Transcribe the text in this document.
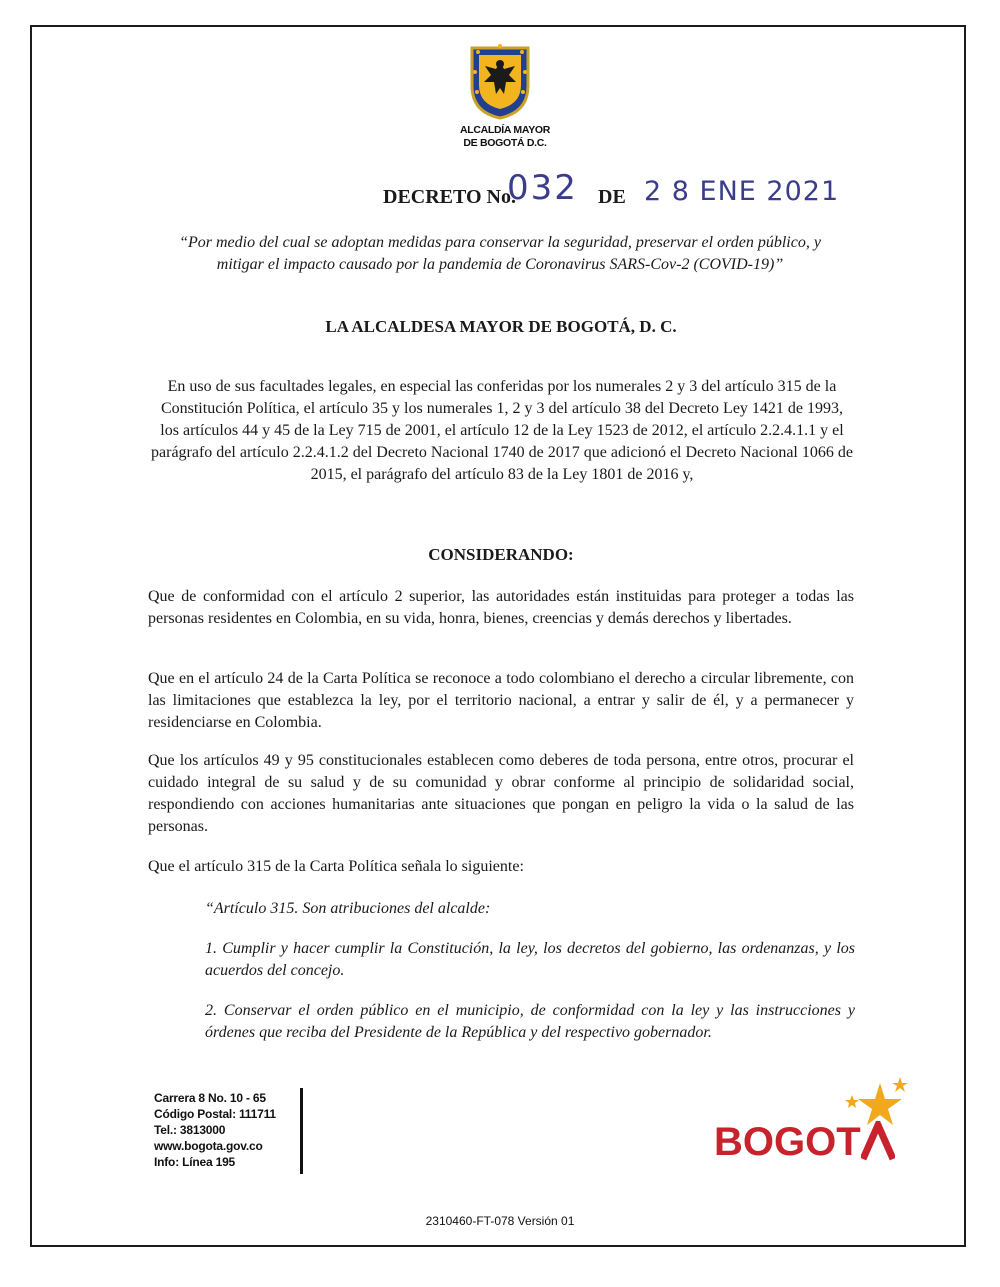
ALCALDÍA MAYOR
DE BOGOTÁ D.C.
DECRETO No.
032 DE 2 8 ENE 2021
“Por medio del cual se adoptan medidas para conservar la seguridad, preservar el orden público, y mitigar el impacto causado por la pandemia de Coronavirus SARS-Cov-2 (COVID-19)”
LA ALCALDESA MAYOR DE BOGOTÁ, D. C.
En uso de sus facultades legales, en especial las conferidas por los numerales 2 y 3 del artículo 315 de la Constitución Política, el artículo 35 y los numerales 1, 2 y 3 del artículo 38 del Decreto Ley 1421 de 1993, los artículos 44 y 45 de la Ley 715 de 2001, el artículo 12 de la Ley 1523 de 2012, el artículo 2.2.4.1.1 y el parágrafo del artículo 2.2.4.1.2 del Decreto Nacional 1740 de 2017 que adicionó el Decreto Nacional 1066 de 2015, el parágrafo del artículo 83 de la Ley 1801 de 2016 y,
CONSIDERANDO:
Que de conformidad con el artículo 2 superior, las autoridades están instituidas para proteger a todas las personas residentes en Colombia, en su vida, honra, bienes, creencias y demás derechos y libertades.
Que en el artículo 24 de la Carta Política se reconoce a todo colombiano el derecho a circular libremente, con las limitaciones que establezca la ley, por el territorio nacional, a entrar y salir de él, y a permanecer y residenciarse en Colombia.
Que los artículos 49 y 95 constitucionales establecen como deberes de toda persona, entre otros, procurar el cuidado integral de su salud y de su comunidad y obrar conforme al principio de solidaridad social, respondiendo con acciones humanitarias ante situaciones que pongan en peligro la vida o la salud de las personas.
Que el artículo 315 de la Carta Política señala lo siguiente:
“Artículo 315. Son atribuciones del alcalde:
1. Cumplir y hacer cumplir la Constitución, la ley, los decretos del gobierno, las ordenanzas, y los acuerdos del concejo.
2. Conservar el orden público en el municipio, de conformidad con la ley y las instrucciones y órdenes que reciba del Presidente de la República y del respectivo gobernador.
Carrera 8 No. 10 - 65
Código Postal: 111711
Tel.: 3813000
www.bogota.gov.co
Info: Línea 195	BOGOT
2310460-FT-078 Versión 01
